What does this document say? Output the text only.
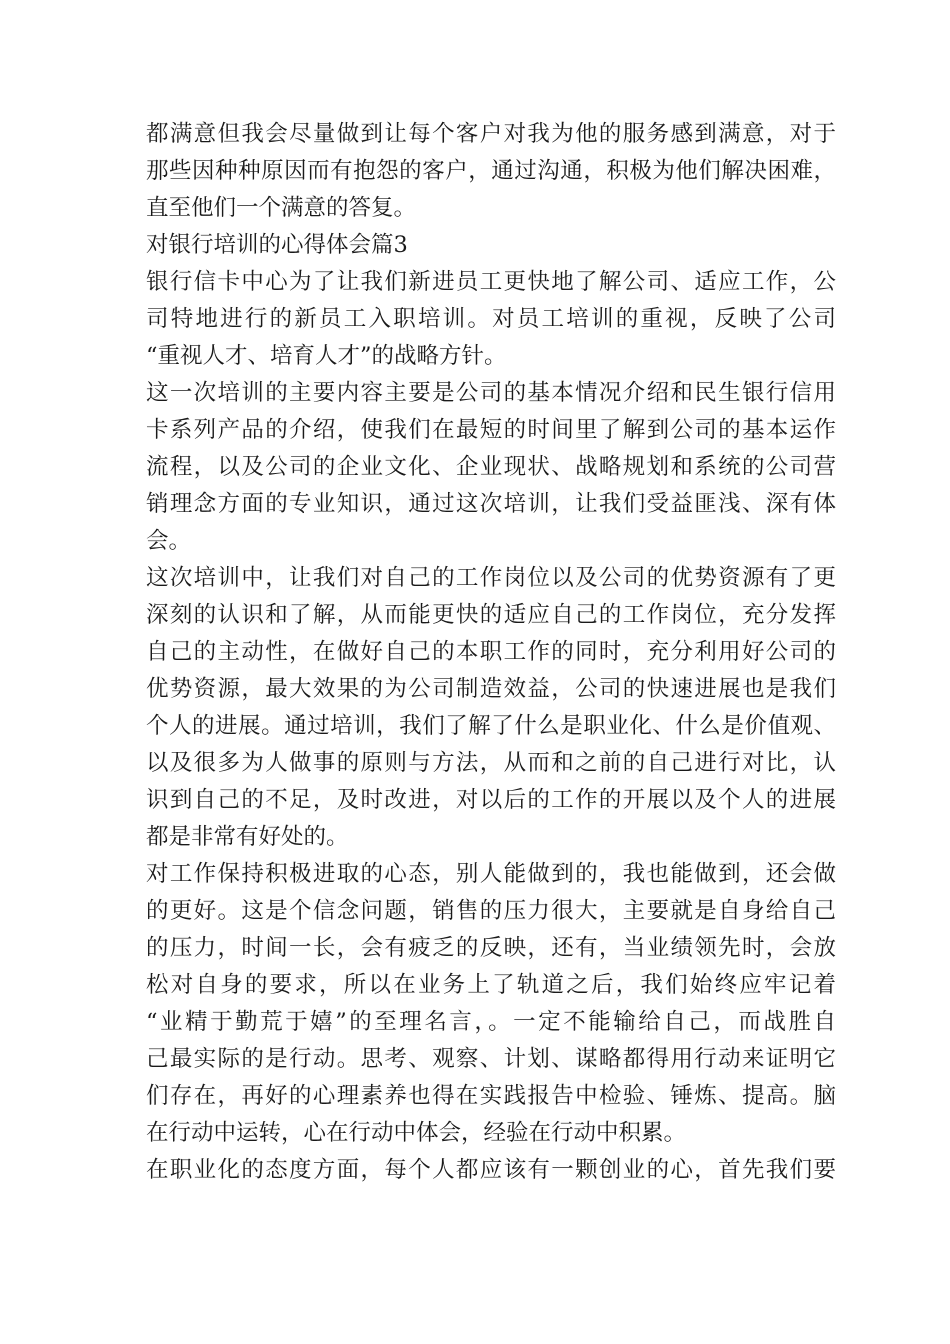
都满意但我会尽量做到让每个客户对我为他的服务感到满意，对于
那些因种种原因而有抱怨的客户，通过沟通，积极为他们解决困难，
直至他们一个满意的答复。
对银行培训的心得体会篇3
银行信卡中心为了让我们新进员工更快地了解公司、适应工作，公
司特地进行的新员工入职培训。对员工培训的重视，反映了公司
“重视人才、培育人才”的战略方针。
这一次培训的主要内容主要是公司的基本情况介绍和民生银行信用
卡系列产品的介绍，使我们在最短的时间里了解到公司的基本运作
流程，以及公司的企业文化、企业现状、战略规划和系统的公司营
销理念方面的专业知识，通过这次培训，让我们受益匪浅、深有体
会。
这次培训中，让我们对自己的工作岗位以及公司的优势资源有了更
深刻的认识和了解，从而能更快的适应自己的工作岗位，充分发挥
自己的主动性，在做好自己的本职工作的同时，充分利用好公司的
优势资源，最大效果的为公司制造效益，公司的快速进展也是我们
个人的进展。通过培训，我们了解了什么是职业化、什么是价值观、
以及很多为人做事的原则与方法，从而和之前的自己进行对比，认
识到自己的不足，及时改进，对以后的工作的开展以及个人的进展
都是非常有好处的。
对工作保持积极进取的心态，别人能做到的，我也能做到，还会做
的更好。这是个信念问题，销售的压力很大，主要就是自身给自己
的压力，时间一长，会有疲乏的反映，还有，当业绩领先时，会放
松对自身的要求，所以在业务上了轨道之后，我们始终应牢记着
“业精于勤荒于嬉”的至理名言，。一定不能输给自己，而战胜自
己最实际的是行动。思考、观察、计划、谋略都得用行动来证明它
们存在，再好的心理素养也得在实践报告中检验、锤炼、提高。脑
在行动中运转，心在行动中体会，经验在行动中积累。
在职业化的态度方面，每个人都应该有一颗创业的心，首先我们要
